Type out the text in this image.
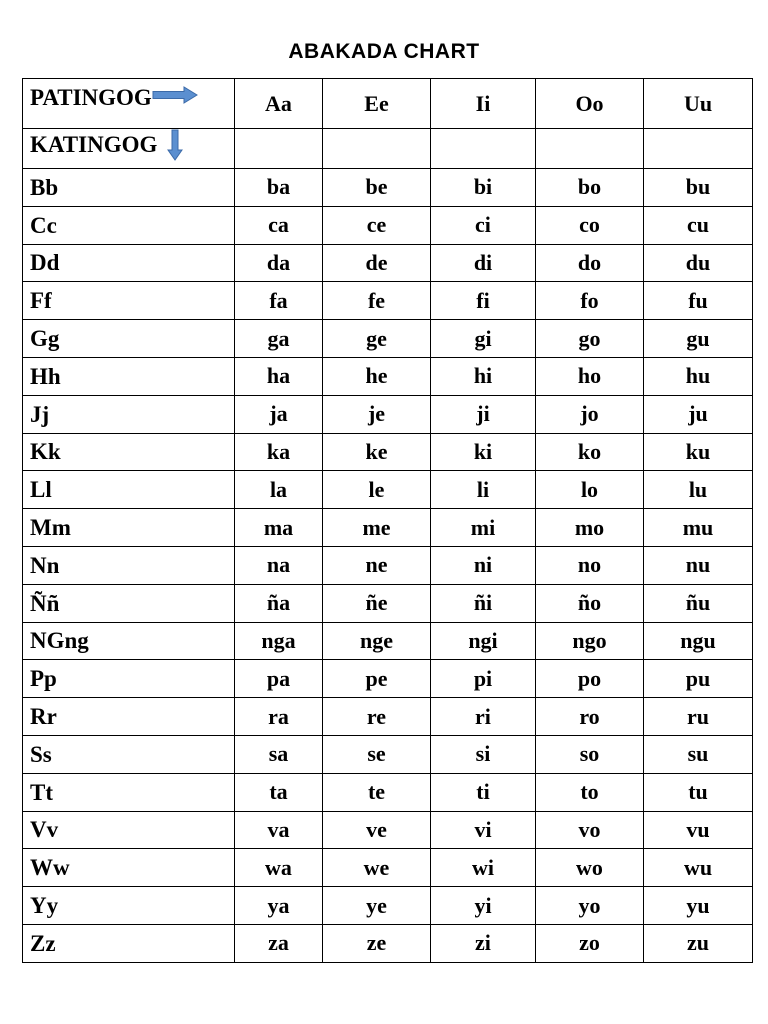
ABAKADA CHART
PATINGOG	Aa	Ee	Ii	Oo	Uu
KATINGOG					
Bb	ba	be	bi	bo	bu
Cc	ca	ce	ci	co	cu
Dd	da	de	di	do	du
Ff	fa	fe	fi	fo	fu
Gg	ga	ge	gi	go	gu
Hh	ha	he	hi	ho	hu
Jj	ja	je	ji	jo	ju
Kk	ka	ke	ki	ko	ku
Ll	la	le	li	lo	lu
Mm	ma	me	mi	mo	mu
Nn	na	ne	ni	no	nu
Ññ	ña	ñe	ñi	ño	ñu
NGng	nga	nge	ngi	ngo	ngu
Pp	pa	pe	pi	po	pu
Rr	ra	re	ri	ro	ru
Ss	sa	se	si	so	su
Tt	ta	te	ti	to	tu
Vv	va	ve	vi	vo	vu
Ww	wa	we	wi	wo	wu
Yy	ya	ye	yi	yo	yu
Zz	za	ze	zi	zo	zu
